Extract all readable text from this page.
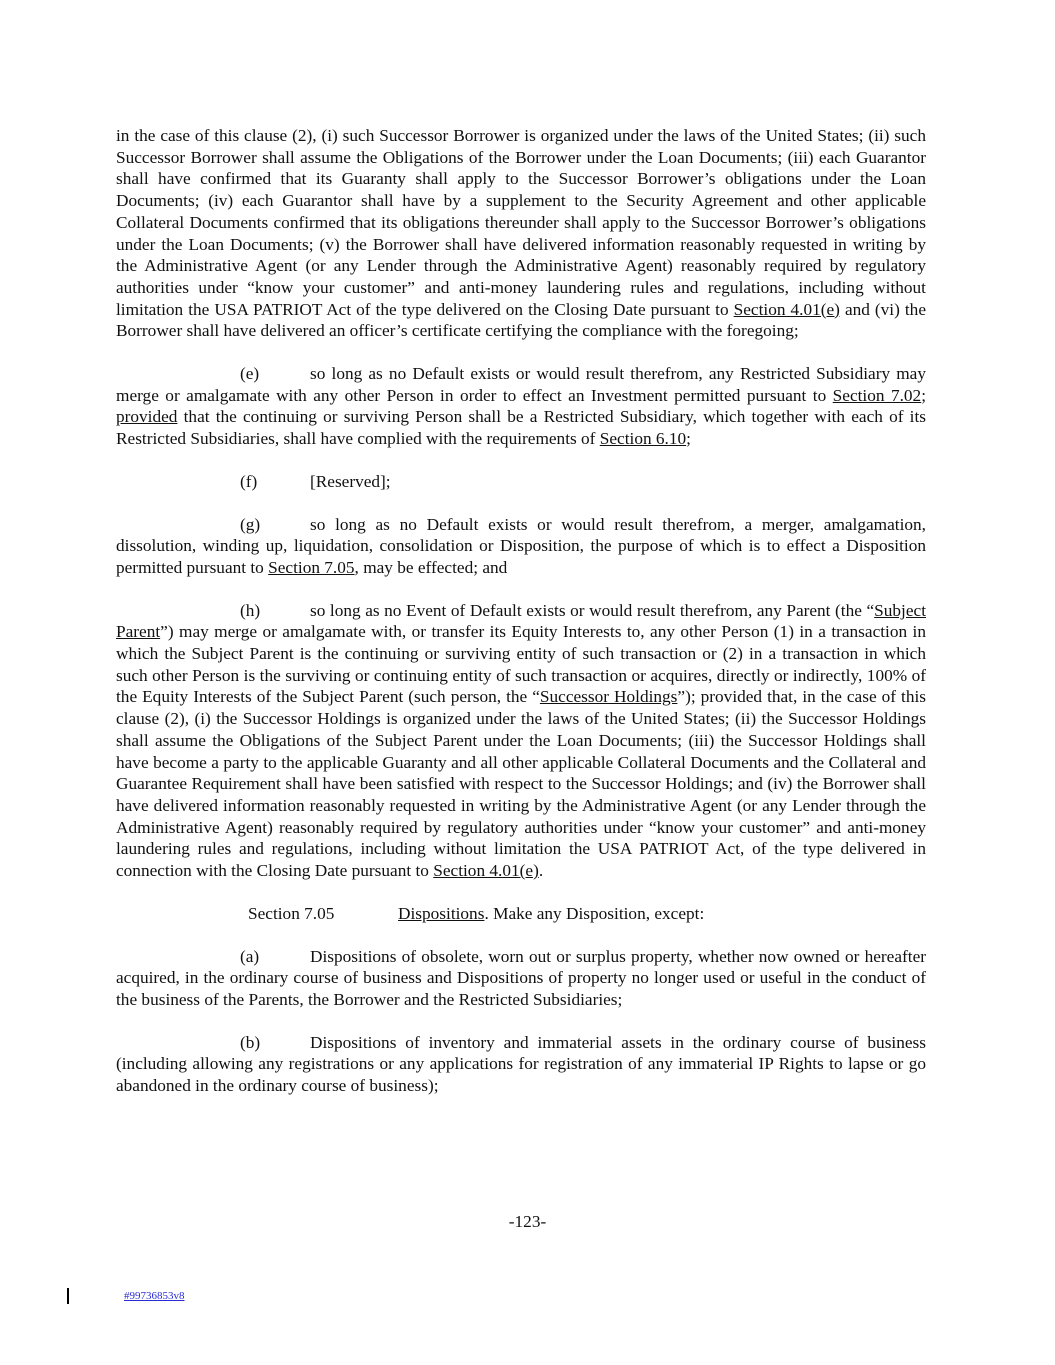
in the case of this clause (2), (i) such Successor Borrower is organized under the laws of the United States; (ii) such Successor Borrower shall assume the Obligations of the Borrower under the Loan Documents; (iii) each Guarantor shall have confirmed that its Guaranty shall apply to the Successor Borrower’s obligations under the Loan Documents; (iv) each Guarantor shall have by a supplement to the Security Agreement and other applicable Collateral Documents confirmed that its obligations thereunder shall apply to the Successor Borrower’s obligations under the Loan Documents; (v) the Borrower shall have delivered information reasonably requested in writing by the Administrative Agent (or any Lender through the Administrative Agent) reasonably required by regulatory authorities under “know your customer” and anti-money laundering rules and regulations, including without limitation the USA PATRIOT Act of the type delivered on the Closing Date pursuant to Section 4.01(e) and (vi) the Borrower shall have delivered an officer’s certificate certifying the compliance with the foregoing;

(e)	so long as no Default exists or would result therefrom, any Restricted Subsidiary may merge or amalgamate with any other Person in order to effect an Investment permitted pursuant to Section 7.02; provided that the continuing or surviving Person shall be a Restricted Subsidiary, which together with each of its Restricted Subsidiaries, shall have complied with the requirements of Section 6.10;

(f)	[Reserved];

(g)	so long as no Default exists or would result therefrom, a merger, amalgamation, dissolution, winding up, liquidation, consolidation or Disposition, the purpose of which is to effect a Disposition permitted pursuant to Section 7.05, may be effected; and

(h)	so long as no Event of Default exists or would result therefrom, any Parent (the “Subject Parent”) may merge or amalgamate with, or transfer its Equity Interests to, any other Person (1) in a transaction in which the Subject Parent is the continuing or surviving entity of such transaction or (2) in a transaction in which such other Person is the surviving or continuing entity of such transaction or acquires, directly or indirectly, 100% of the Equity Interests of the Subject Parent (such person, the “Successor Holdings”); provided that, in the case of this clause (2), (i) the Successor Holdings is organized under the laws of the United States; (ii) the Successor Holdings shall assume the Obligations of the Subject Parent under the Loan Documents; (iii) the Successor Holdings shall have become a party to the applicable Guaranty and all other applicable Collateral Documents and the Collateral and Guarantee Requirement shall have been satisfied with respect to the Successor Holdings; and (iv) the Borrower shall have delivered information reasonably requested in writing by the Administrative Agent (or any Lender through the Administrative Agent) reasonably required by regulatory authorities under “know your customer” and anti-money laundering rules and regulations, including without limitation the USA PATRIOT Act, of the type delivered in connection with the Closing Date pursuant to Section 4.01(e).

Section 7.05	Dispositions. Make any Disposition, except:

(a)	Dispositions of obsolete, worn out or surplus property, whether now owned or hereafter acquired, in the ordinary course of business and Dispositions of property no longer used or useful in the conduct of the business of the Parents, the Borrower and the Restricted Subsidiaries;

(b)	Dispositions of inventory and immaterial assets in the ordinary course of business (including allowing any registrations or any applications for registration of any immaterial IP Rights to lapse or go abandoned in the ordinary course of business);

-123-
#99736853v8
